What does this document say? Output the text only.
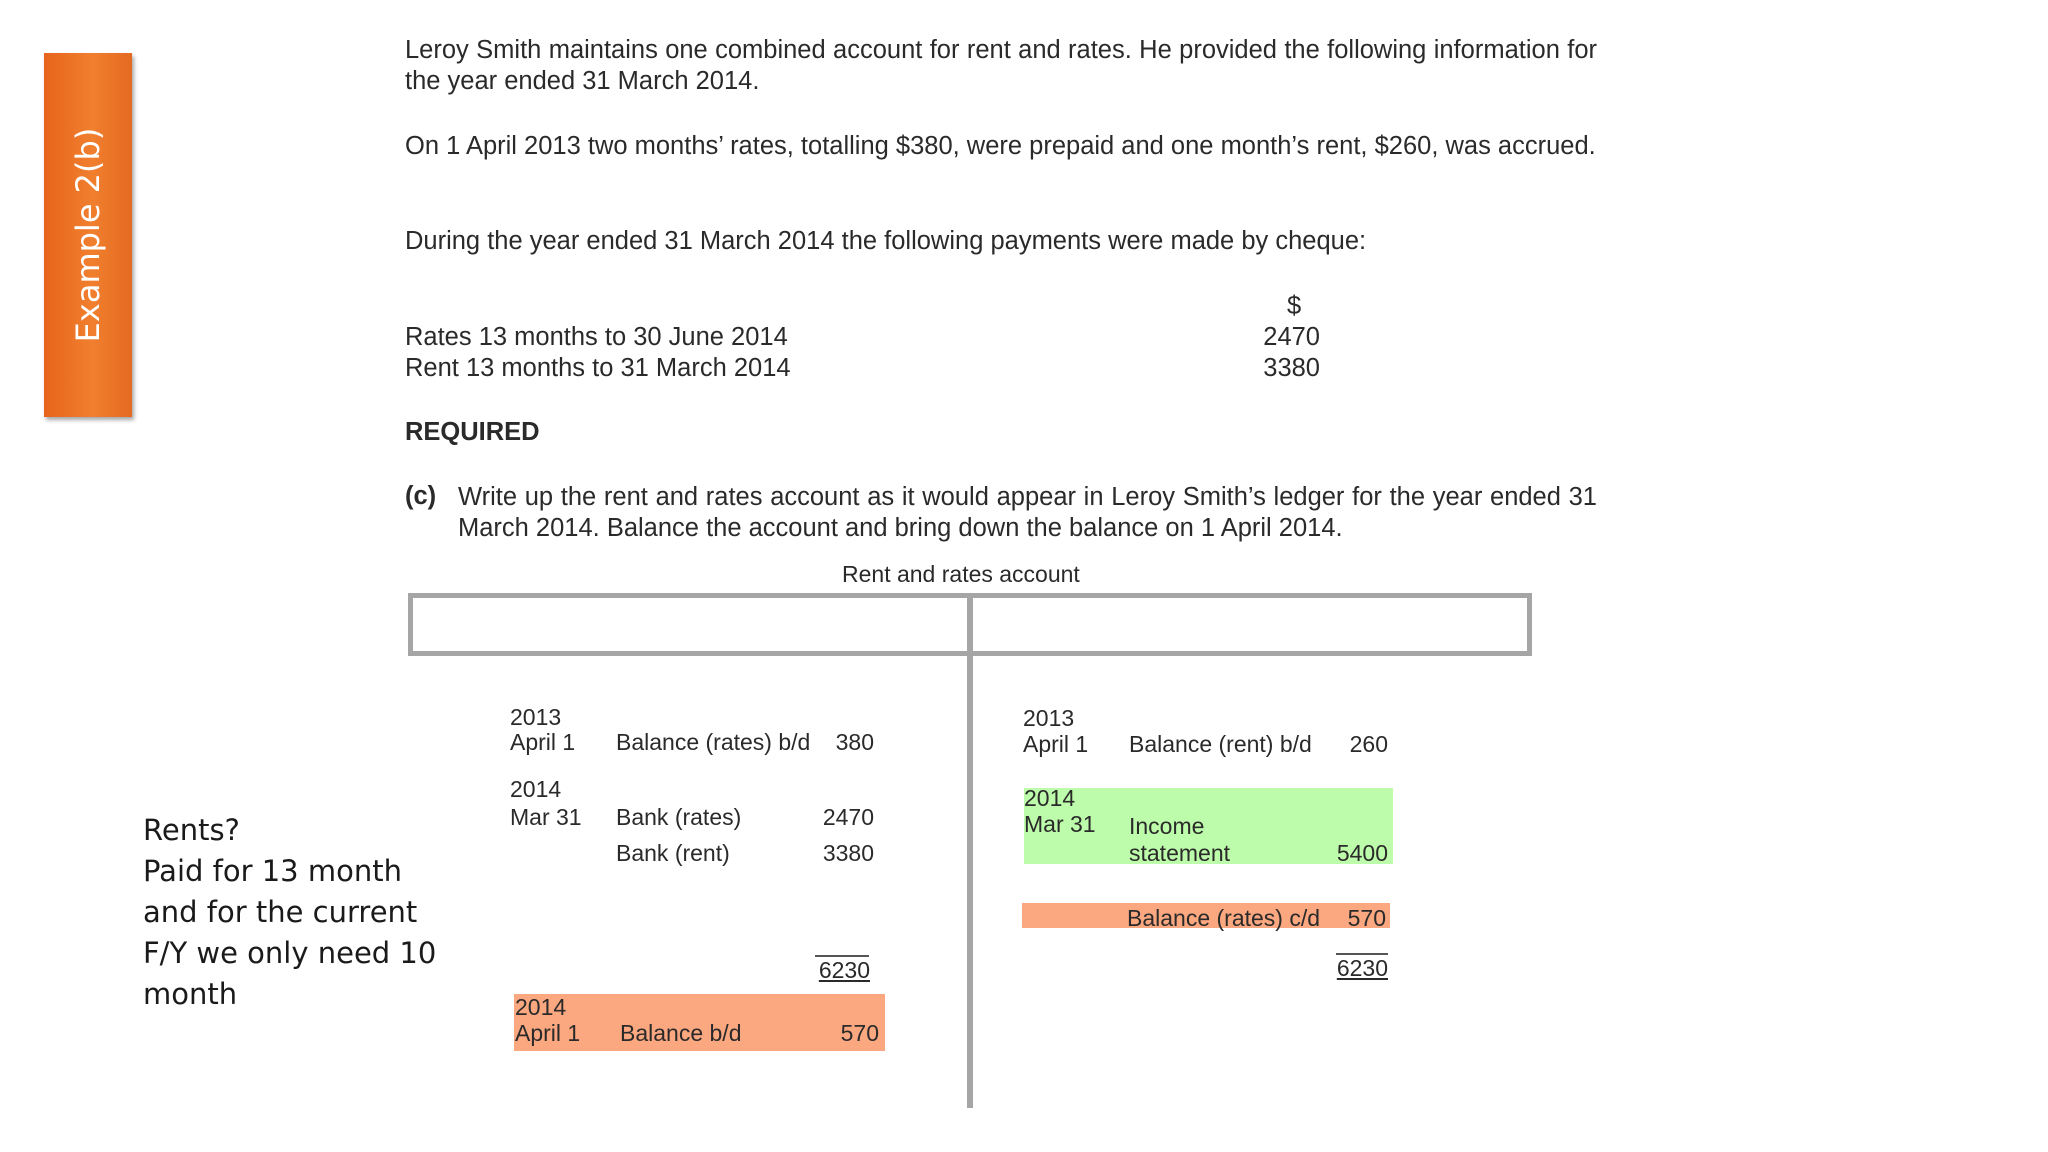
Example 2(b)

Leroy Smith maintains one combined account for rent and rates. He provided the following information for the year ended 31 March 2014.

On 1 April 2013 two months’ rates, totalling $380, were prepaid and one month’s rent, $260, was accrued.

During the year ended 31 March 2014 the following payments were made by cheque:

$
Rates 13 months to 30 June 2014	2470
Rent 13 months to 31 March 2014	3380
REQUIRED
(c) Write up the rent and rates account as it would appear in Leroy Smith’s ledger for the year ended 31 March 2014. Balance the account and bring down the balance on 1 April 2014.

Rent and rates account
2013
April 1 Balance (rates) b/d	380
2014
Mar 31 Bank (rates)	2470
Bank (rent)	3380
6230
2014
April 1 Balance b/d	570
2013
April 1 Balance (rent) b/d	260
2014
Mar 31 Income
statement	5400
Balance (rates) c/d	570
6230
Rents?
Paid for 13 month
and for the current
F/Y we only need 10
month
